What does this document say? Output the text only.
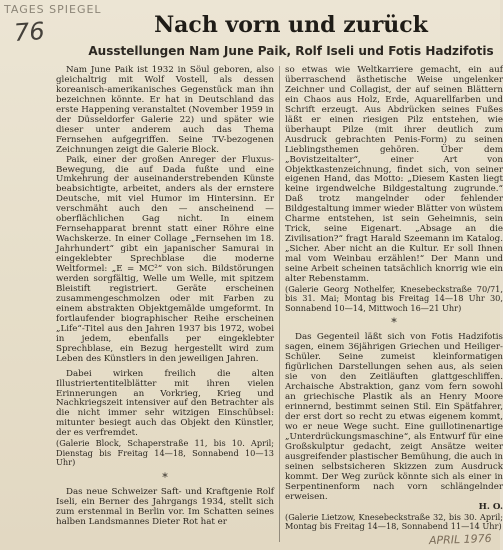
TAGES SPIEGEL
76	Nach vorn und zurück
Ausstellungen Nam June Paik, Rolf Iseli und Fotis Hadzifotis

Nam June Paik ist 1932 in Söul geboren, also gleichaltrig mit Wolf Vostell, als dessen koreanisch-amerikanisches Gegenstück man ihn bezeichnen könnte. Er hat in Deutschland das erste Happening veranstaltet (November 1959 in der Düsseldorfer Galerie 22) und später wie dieser unter anderem auch das Thema Fernsehen aufgegriffen. Seine TV-bezogenen Zeichnungen zeigt die Galerie Block.

Paik, einer der großen Anreger der Fluxus-Bewegung, die auf Dada fußte und eine Umkehrung der auseinanderstrebenden Künste beabsichtigte, arbeitet, anders als der ernstere Deutsche, mit viel Humor im Hintersinn. Er verschmäht auch den — anscheinend — oberflächlichen Gag nicht. In einem Fernsehapparat brennt statt einer Röhre eine Wachskerze. In einer Collage „Fernsehen im 18. Jahrhundert“ gibt ein japanischer Samurai in eingeklebter Sprechblase die moderne Weltformel: „E = MC²“ von sich. Bildstörungen werden sorgfältig, Welle um Welle, mit spitzem Bleistift registriert. Geräte erscheinen zusammengeschmolzen oder mit Farben zu einem abstrakten Objektgemälde umgeformt. In fortlaufender biographischer Reihe erscheinen „Life“-Titel aus den Jahren 1937 bis 1972, wobei in jedem, ebenfalls per eingeklebter Sprechblase, ein Bezug hergestellt wird zum Leben des Künstlers in den jeweiligen Jahren.

Dabei wirken freilich die alten Illustriertentitelblätter mit ihren vielen Erinnerungen an Vorkrieg, Krieg und Nachkriegszeit intensiver auf den Betrachter als die nicht immer sehr witzigen Einschübsel: mitunter besiegt auch das Objekt den Künstler, der es verfremdet.

(Galerie Block, Schaperstraße 11, bis 10. April; Dienstag bis Freitag 14—18, Sonnabend 10—13 Uhr)

*

Das neue Schweizer Saft- und Kraftgenie Rolf Iseli, ein Berner des Jahrgangs 1934, stellt sich zum erstenmal in Berlin vor. Im Schatten seines halben Landsmannes Dieter Rot hat er

so etwas wie Weltkarriere gemacht, ein auf überraschend ästhetische Weise ungelenker Zeichner und Collagist, der auf seinen Blättern ein Chaos aus Holz, Erde, Aquarellfarben und Schrift erzeugt. Aus Abdrücken seines Fußes läßt er einen riesigen Pilz entstehen, wie überhaupt Pilze (mit ihrer deutlich zum Ausdruck gebrachten Penis-Form) zu seinen Lieblingsthemen gehören. Über dem „Bovistzeitalter“, einer Art von Objektkastenzeichnung, findet sich, von seiner eigenen Hand, das Motto: „Diesem Kasten liegt keine irgendwelche Bildgestaltung zugrunde.“ Daß trotz mangelnder oder fehlender Bildgestaltung immer wieder Blätter von wüstem Charme entstehen, ist sein Geheimnis, sein Trick, seine Eigenart. „Absage an die Zivilisation?“ fragt Harald Szeemann im Katalog. „Sicher. Aber nicht an die Kultur. Er soll Ihnen mal vom Weinbau erzählen!“ Der Mann und seine Arbeit scheinen tatsächlich knorrig wie ein alter Rebenstamm.

(Galerie Georg Nothelfer, Knesebeckstraße 70/71, bis 31. Mai; Montag bis Freitag 14—18 Uhr 30, Sonnabend 10—14, Mittwoch 16—21 Uhr)

*

Das Gegenteil läßt sich von Fotis Hadzifotis sagen, einem 36jährigen Griechen und Heiliger-Schüler. Seine zumeist kleinformatigen figürlichen Darstellungen sehen aus, als seien sie von den Zeitläuften glattgeschliffen. Archaische Abstraktion, ganz vom fern sowohl an griechische Plastik als an Henry Moore erinnernd, bestimmt seinen Stil. Ein Spätfahrer, der erst dort so recht zu etwas eigenem kommt, wo er neue Wege sucht. Eine guillotinenartige „Unterdrückungsmaschine“, als Entwurf für eine Großskulptur gedacht, zeigt Ansätze weiter ausgreifender plastischer Bemühung, die auch in seinen selbstsicheren Skizzen zum Ausdruck kommt. Der Weg zurück könnte sich als einer in Serpentinenform nach vorn schlängelnder erweisen.

H. O.

(Galerie Lietzow, Knesebeckstraße 32, bis 30. April; Montag bis Freitag 14—18, Sonnabend 11—14 Uhr)

APRIL 1976
